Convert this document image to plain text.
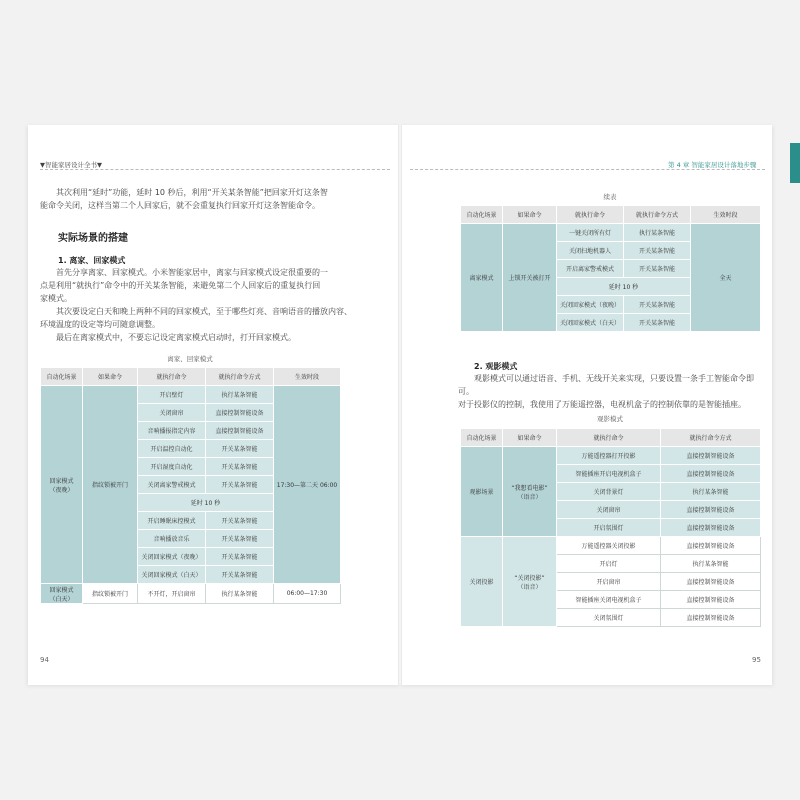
▼智能家居设计全书▼
其次利用“延时”功能，延时 10 秒后，利用“开关某条智能”把回家开灯这条智
能命令关闭，这样当第二个人回家后，就不会重复执行回家开灯这条智能命令。
实际场景的搭建
1. 离家、回家模式
首先分享离家、回家模式。小米智能家居中，离家与回家模式设定很重要的一
点是利用“就执行”命令中的开关某条智能，来避免第二个人回家后的重复执行回
家模式。
其次要设定白天和晚上两种不同的回家模式，至于哪些灯亮、音响语音的播放内容、
环境温度的设定等均可随意调整。
最后在离家模式中，不要忘记设定离家模式启动时，打开回家模式。
离家、回家模式
自动化场景	如果命令	就执行命令	就执行命令方式	生效时段
回家模式
（夜晚）	指纹锁被开门	开启壁灯	执行某条智能	17:30—第二天 06:00
		关闭窗帘	直接控制智能设备	
		音响播报指定内容	直接控制智能设备	
		开启温控自动化	开关某条智能	
		开启湿度自动化	开关某条智能	
		关闭离家警戒模式	开关某条智能	
		延时 10 秒		
		开启睡眠床控模式	开关某条智能	
		音响播放音乐	开关某条智能	
		关闭回家模式（夜晚）	开关某条智能	
		关闭回家模式（白天）	开关某条智能	
回家模式
（白天）	指纹锁被开门	不开灯，开启窗帘	执行某条智能	06:00—17:30
94
第 4 章 智能家居设计落地步骤
续表
自动化场景	如果命令	就执行命令	就执行命令方式	生效时段
离家模式	上锁开关被打开	一键关闭所有灯	执行某条智能	全天
		关闭扫地机器人	开关某条智能	
		开启离家警戒模式	开关某条智能	
		延时 10 秒		
		关闭回家模式（夜晚）	开关某条智能	
		关闭回家模式（白天）	开关某条智能	
2. 观影模式
观影模式可以通过语音、手机、无线开关来实现，只要设置一条手工智能命令即可。
对于投影仪的控制，我使用了万能遥控器，电视机盒子的控制依靠的是智能插座。
观影模式
自动化场景	如果命令	就执行命令	就执行命令方式
观影场景	“我想看电影”
（语音）	万能遥控器打开投影	直接控制智能设备
		智能插座开启电视机盒子	直接控制智能设备
		关闭背景灯	执行某条智能
		关闭窗帘	直接控制智能设备
		开启氛围灯	直接控制智能设备
关闭投影	“关闭投影”
（语音）	万能遥控器关闭投影	直接控制智能设备
		开启灯	执行某条智能
		开启窗帘	直接控制智能设备
		智能插座关闭电视机盒子	直接控制智能设备
		关闭氛围灯	直接控制智能设备
95
